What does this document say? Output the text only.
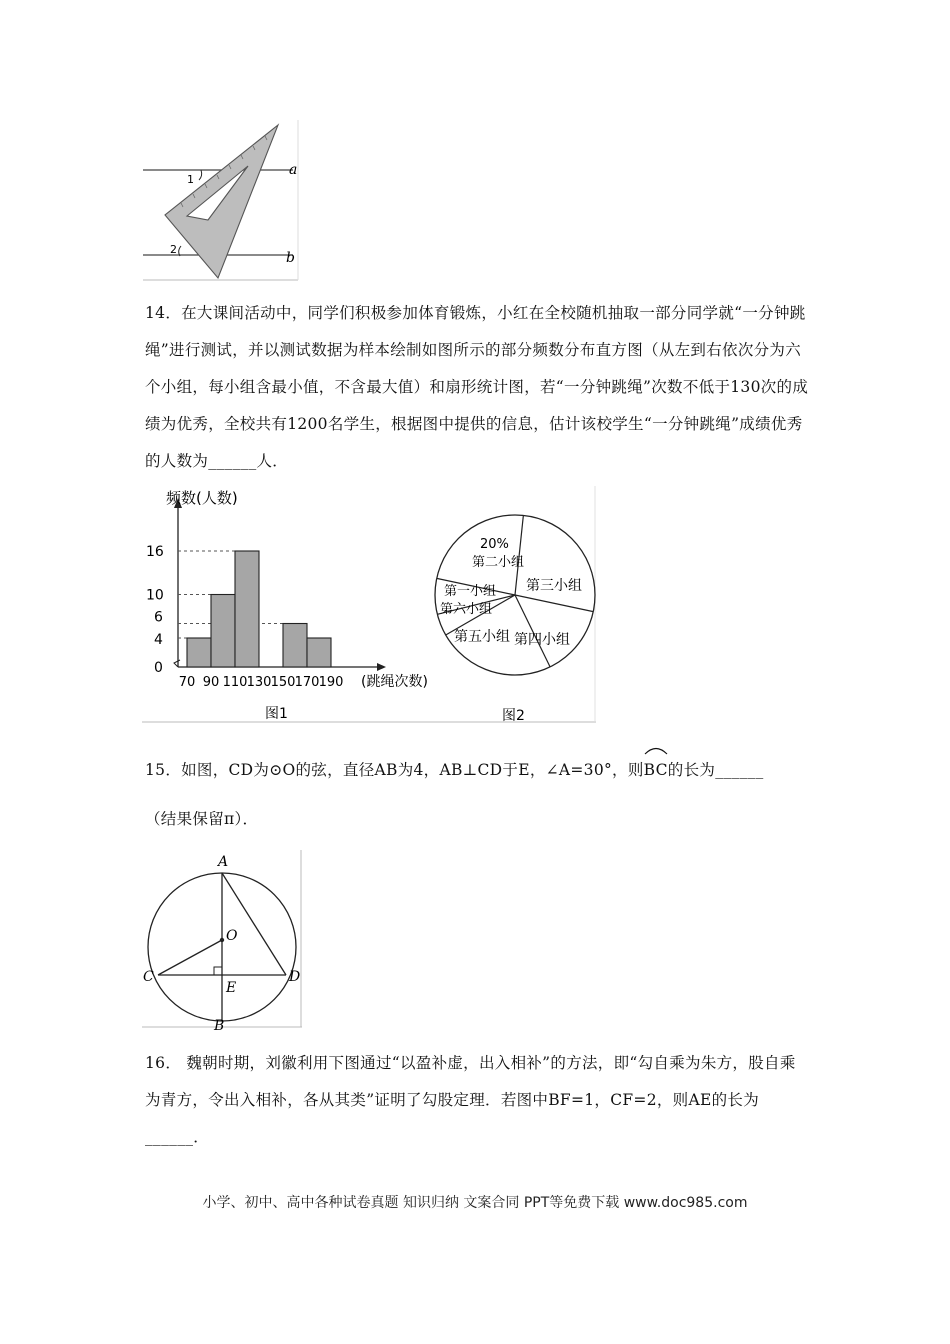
1
2
a
b
14．在大课间活动中，同学们积极参加体育锻炼，小红在全校随机抽取一部分同学就“一分钟跳绳”进行测试，并以测试数据为样本绘制如图所示的部分频数分布直方图（从左到右依次分为六个小组，每小组含最小值，不含最大值）和扇形统计图，若“一分钟跳绳”次数不低于130次的成绩为优秀，全校共有1200名学生，根据图中提供的信息，估计该校学生“一分钟跳绳”成绩优秀的人数为______人．
0
4
6
10
16
70 90 110 130 150 170 190 (跳绳次数)
频数(人数)
图1
第二小组
第三小组
第四小组
第五小组
第六小组
第一小组
20%
图2
15．如图，CD为⊙O的弦，直径AB为4，AB⊥CD于E，∠A=30°，则
BC的长为______
（结果保留π）．
A
O
C	D
E
B
16． 魏朝时期，刘徽利用下图通过“以盈补虚，出入相补”的方法，即“勾自乘为朱方，股自乘为青方，令出入相补，各从其类”证明了勾股定理．若图中BF=1，CF=2，则AE的长为______．
小学、初中、高中各种试卷真题 知识归纳 文案合同 PPT等免费下载 www.doc985.com
